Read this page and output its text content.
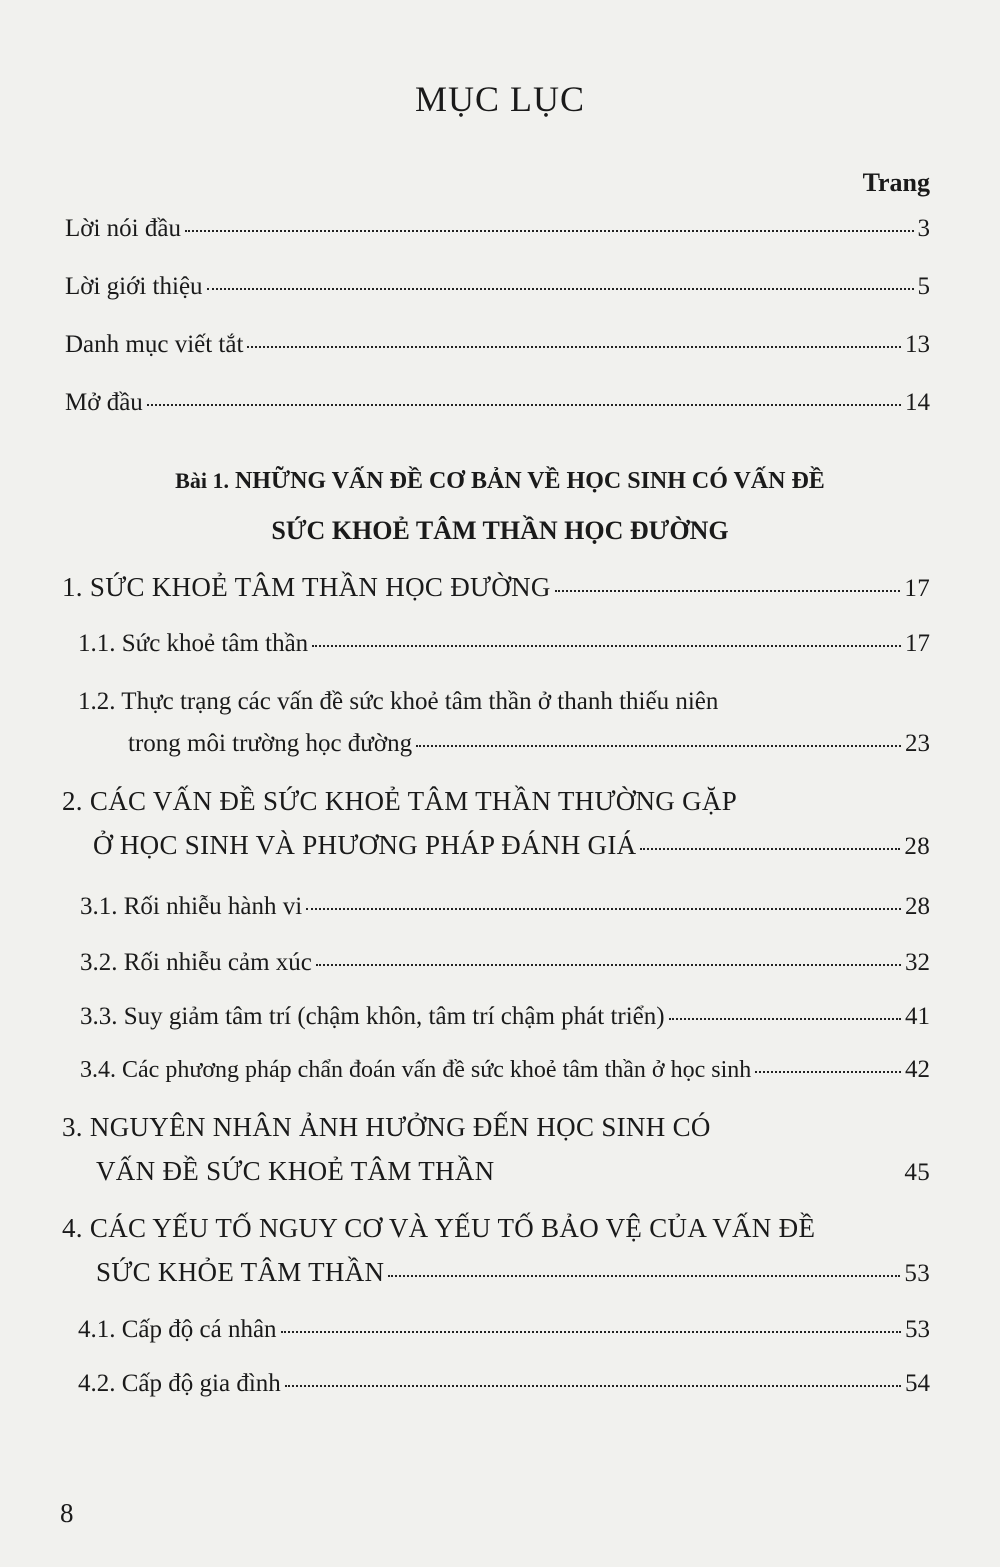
MỤC LỤC
Trang
Lời nói đầu	3
Lời giới thiệu	5
Danh mục viết tắt	13
Mở đầu	14
Bài 1. NHỮNG VẤN ĐỀ CƠ BẢN VỀ HỌC SINH CÓ VẤN ĐỀ
SỨC KHOẺ TÂM THẦN HỌC ĐƯỜNG
1. SỨC KHOẺ TÂM THẦN HỌC ĐƯỜNG	17
1.1. Sức khoẻ tâm thần	17
1.2. Thực trạng các vấn đề sức khoẻ tâm thần ở thanh thiếu niên
trong môi trường học đường	23
2. CÁC VẤN ĐỀ SỨC KHOẺ TÂM THẦN THƯỜNG GẶP
Ở HỌC SINH VÀ PHƯƠNG PHÁP ĐÁNH GIÁ	28
3.1. Rối nhiễu hành vi	28
3.2. Rối nhiễu cảm xúc	32
3.3. Suy giảm tâm trí (chậm khôn, tâm trí chậm phát triển)	41
3.4. Các phương pháp chẩn đoán vấn đề sức khoẻ tâm thần ở học sinh	42
3. NGUYÊN NHÂN ẢNH HƯỞNG ĐẾN HỌC SINH CÓ
VẤN ĐỀ SỨC KHOẺ TÂM THẦN	45
4. CÁC YẾU TỐ NGUY CƠ VÀ YẾU TỐ BẢO VỆ CỦA VẤN ĐỀ
SỨC KHỎE TÂM THẦN	53
4.1. Cấp độ cá nhân	53
4.2. Cấp độ gia đình	54
8
